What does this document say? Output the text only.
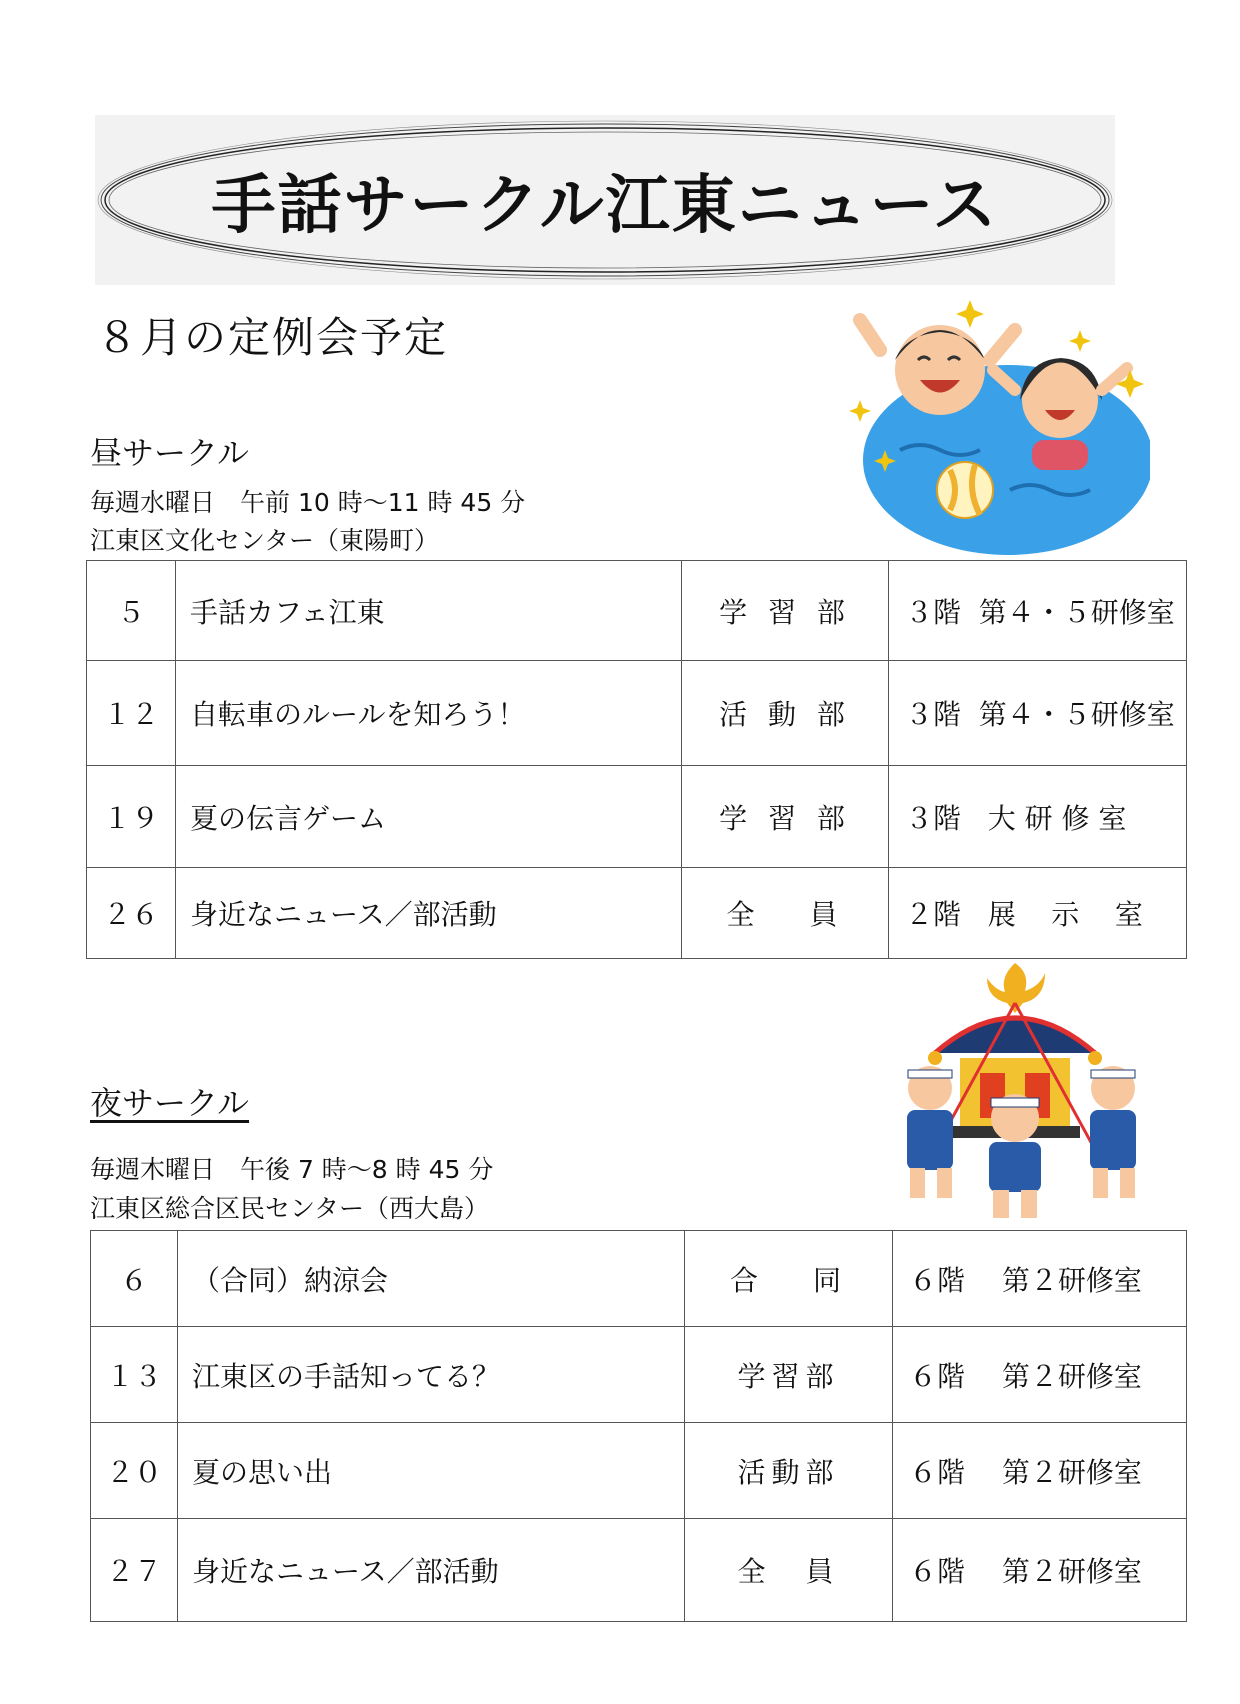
手話サークル江東ニュース
８月の定例会予定
昼サークル
毎週水曜日　午前 10 時～11 時 45 分
江東区文化センター（東陽町）
５	手話カフェ江東	学 習 部	３階  第４・５研修室
１２	自転車のルールを知ろう！	活 動 部	３階  第４・５研修室
１９	夏の伝言ゲーム	学 習 部	３階   大 研 修 室
２６	身近なニュース／部活動	全　 員	２階   展    示    室
夜サークル
毎週木曜日　午後 7 時～8 時 45 分
江東区総合区民センター（西大島）
６	（合同）納涼会	合　 同	６階　 第２研修室
１３	江東区の手話知ってる？	学習部	６階　 第２研修室
２０	夏の思い出	活動部	６階　 第２研修室
２７	身近なニュース／部活動	全　員	６階　 第２研修室
